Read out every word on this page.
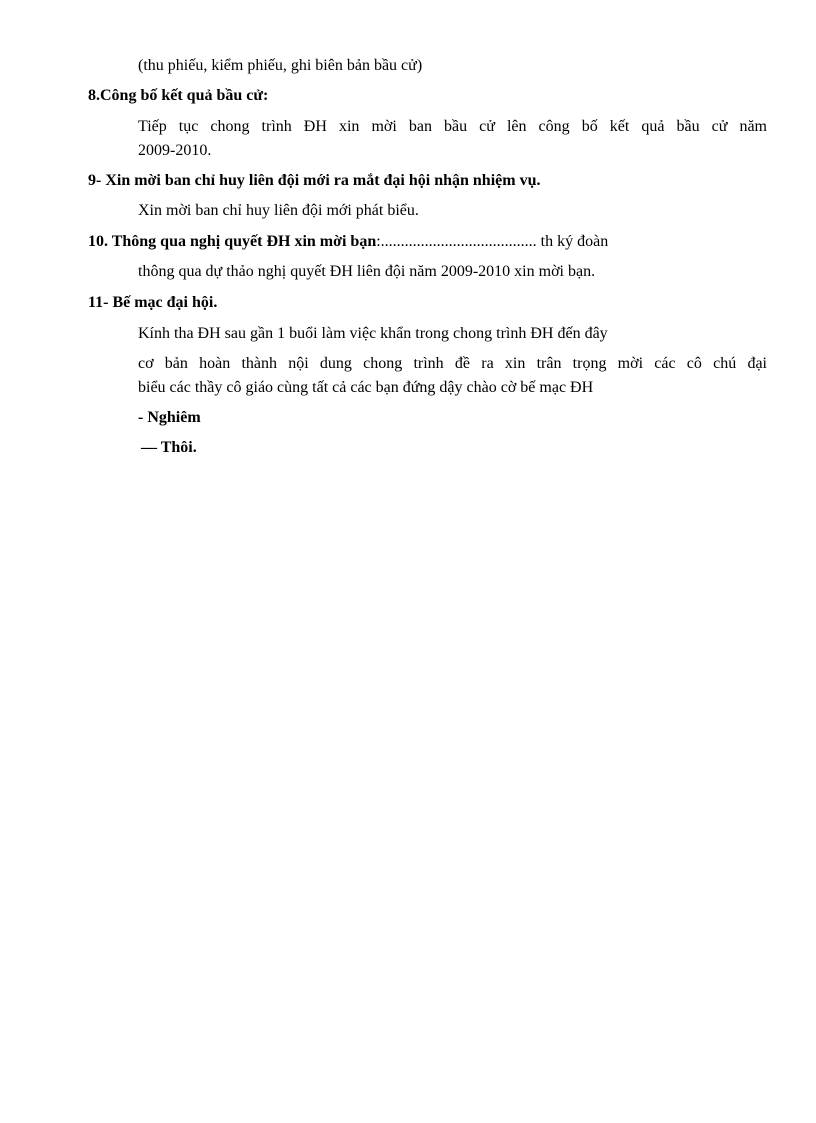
(thu phiếu, kiểm phiếu, ghi biên bản bầu cử)
8.Công bố kết quả bầu cử:
Tiếp tục chong trình ĐH xin mời ban bầu cử lên công bố kết quả bầu cử năm
2009-2010.
9- Xin mời ban chỉ huy liên đội mới ra mắt đại hội nhận nhiệm vụ.
Xin mời ban chỉ huy liên đội mới phát biểu.
10. Thông qua nghị quyết ĐH xin mời bạn:....................................... th ký đoàn
thông qua dự thảo nghị quyết ĐH liên đội năm 2009-2010 xin mời bạn.
11- Bế mạc đại hội.
Kính tha ĐH sau gần 1 buổi làm việc khẩn trong chong trình ĐH đến đây
cơ bản hoàn thành nội dung chong trình đề ra xin trân trọng mời các cô chú đại
biểu các thầy cô giáo cùng tất cả các bạn đứng dậy chào cờ bế mạc ĐH
- Nghiêm
— Thôi.
